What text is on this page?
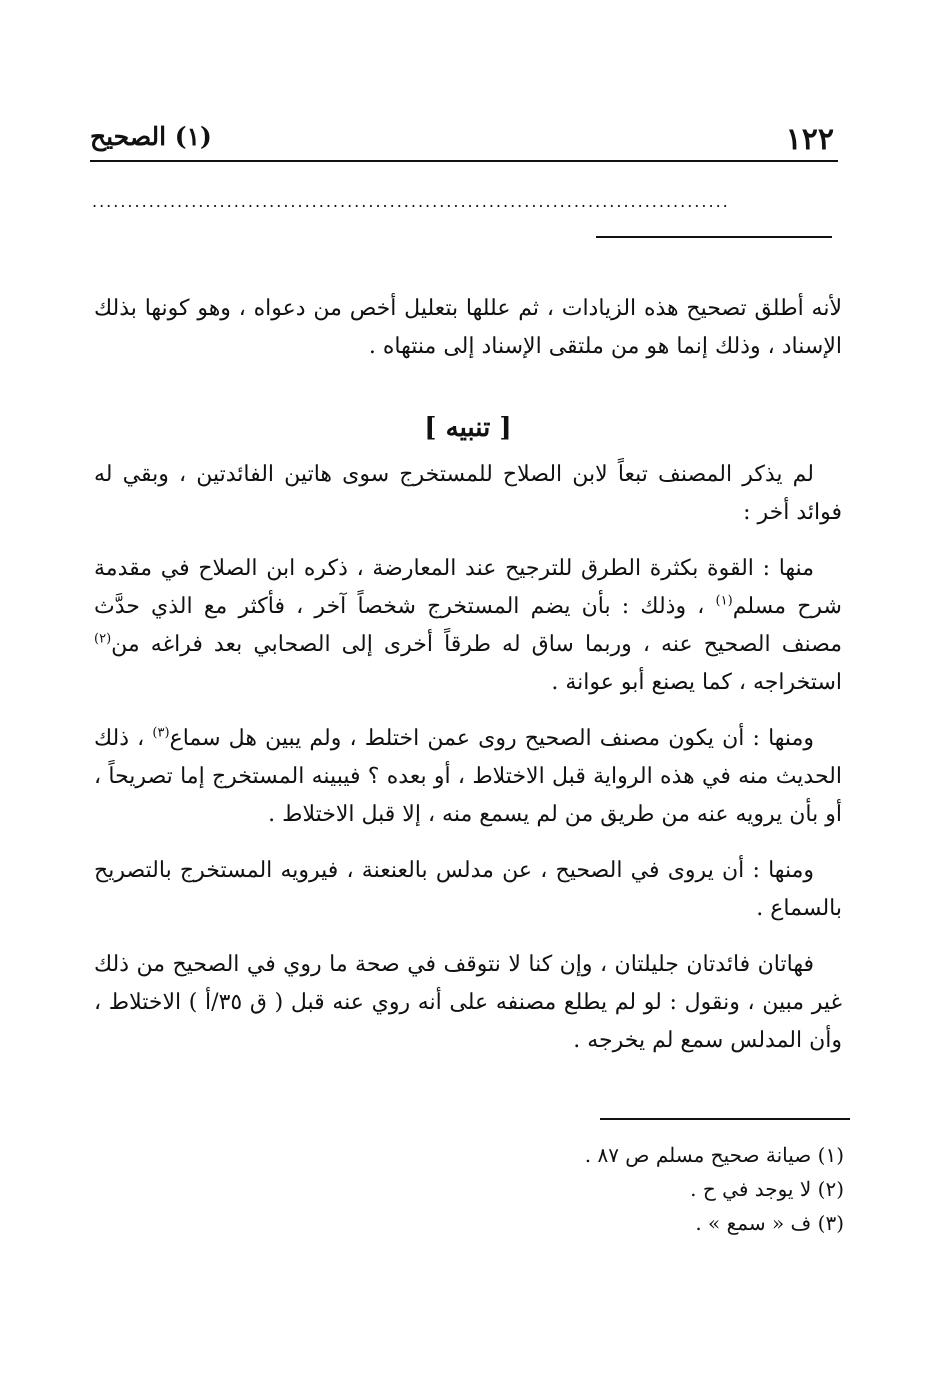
١٢٢
(١) الصحيح
..........................................................................................

لأنه أطلق تصحيح هذه الزيادات ، ثم عللها بتعليل أخص من دعواه ، وهو كونها بذلك الإسناد ، وذلك إنما هو من ملتقى الإسناد إلى منتهاه .

[ تنبيه ]

لم يذكر المصنف تبعاً لابن الصلاح للمستخرج سوى هاتين الفائدتين ، وبقي له فوائد أخر :

منها : القوة بكثرة الطرق للترجيح عند المعارضة ، ذكره ابن الصلاح في مقدمة شرح مسلم$^{(١)}$ ، وذلك : بأن يضم المستخرج شخصاً آخر ، فأكثر مع الذي حدَّث مصنف الصحيح عنه ، وربما ساق له طرقاً أخرى إلى الصحابي بعد فراغه من$^{(٢)}$ استخراجه ، كما يصنع أبو عوانة .

ومنها : أن يكون مصنف الصحيح روى عمن اختلط ، ولم يبين هل سماع$^{(٣)}$ ، ذلك الحديث منه في هذه الرواية قبل الاختلاط ، أو بعده ؟ فيبينه المستخرج إما تصريحاً ، أو بأن يرويه عنه من طريق من لم يسمع منه ، إلا قبل الاختلاط .

ومنها : أن يروى في الصحيح ، عن مدلس بالعنعنة ، فيرويه المستخرج بالتصريح بالسماع .

فهاتان فائدتان جليلتان ، وإن كنا لا نتوقف في صحة ما روي في الصحيح من ذلك غير مبين ، ونقول : لو لم يطلع مصنفه على أنه روي عنه قبل ( ق ٣٥/أ ) الاختلاط ، وأن المدلس سمع لم يخرجه .

(١) صيانة صحيح مسلم ص ٨٧ .

(٢) لا يوجد في ح .

(٣) ف « سمع » .
